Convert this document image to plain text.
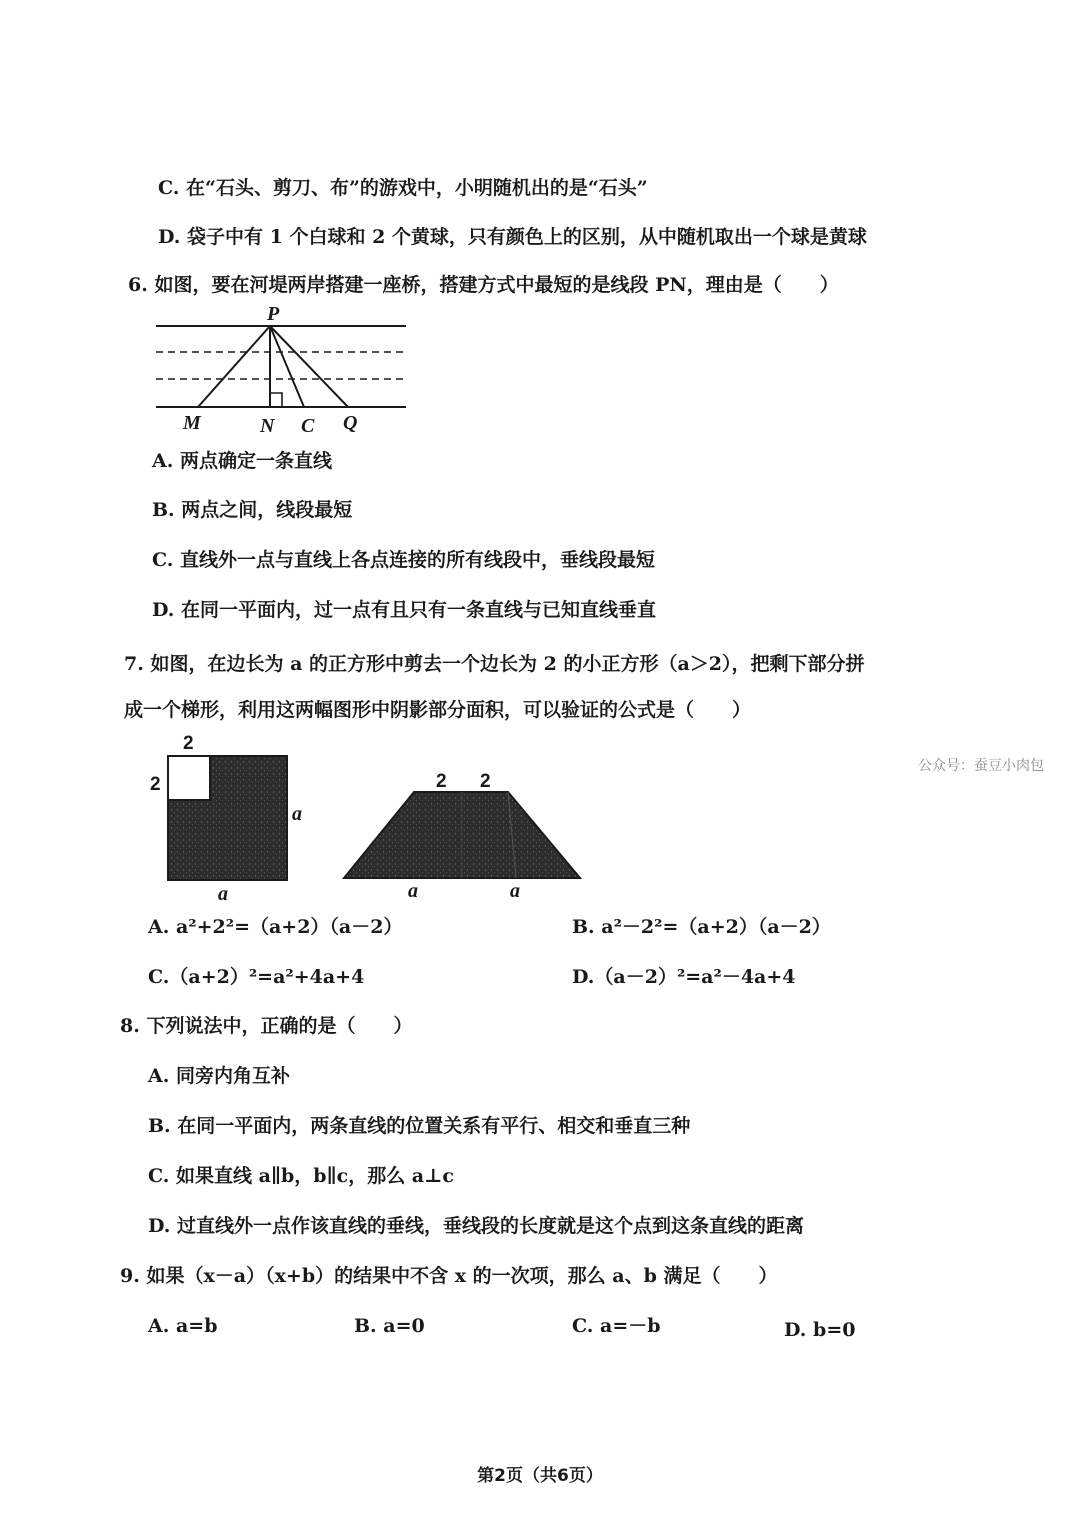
C. 在“石头、剪刀、布”的游戏中，小明随机出的是“石头”
D. 袋子中有 1 个白球和 2 个黄球，只有颜色上的区别，从中随机取出一个球是黄球
6. 如图，要在河堤两岸搭建一座桥，搭建方式中最短的是线段 PN，理由是（　　）
P
M	N C Q
A. 两点确定一条直线
B. 两点之间，线段最短
C. 直线外一点与直线上各点连接的所有线段中，垂线段最短
D. 在同一平面内，过一点有且只有一条直线与已知直线垂直
7. 如图，在边长为 a 的正方形中剪去一个边长为 2 的小正方形（a＞2），把剩下部分拼
成一个梯形，利用这两幅图形中阴影部分面积，可以验证的公式是（　　）
2
2
a
a
2 2
a	a
公众号：蚕豆小肉包
A. a²+2²=（a+2）（a－2）	B. a²－2²=（a+2）（a－2）
C.（a+2）²=a²+4a+4	D.（a－2）²=a²－4a+4
8. 下列说法中，正确的是（　　）
A. 同旁内角互补
B. 在同一平面内，两条直线的位置关系有平行、相交和垂直三种
C. 如果直线 a∥b，b∥c，那么 a⊥c
D. 过直线外一点作该直线的垂线，垂线段的长度就是这个点到这条直线的距离
9. 如果（x－a）（x+b）的结果中不含 x 的一次项，那么 a、b 满足（　　）
A. a=b	B. a=0	C. a=－b	D. b=0
第2页（共6页）
